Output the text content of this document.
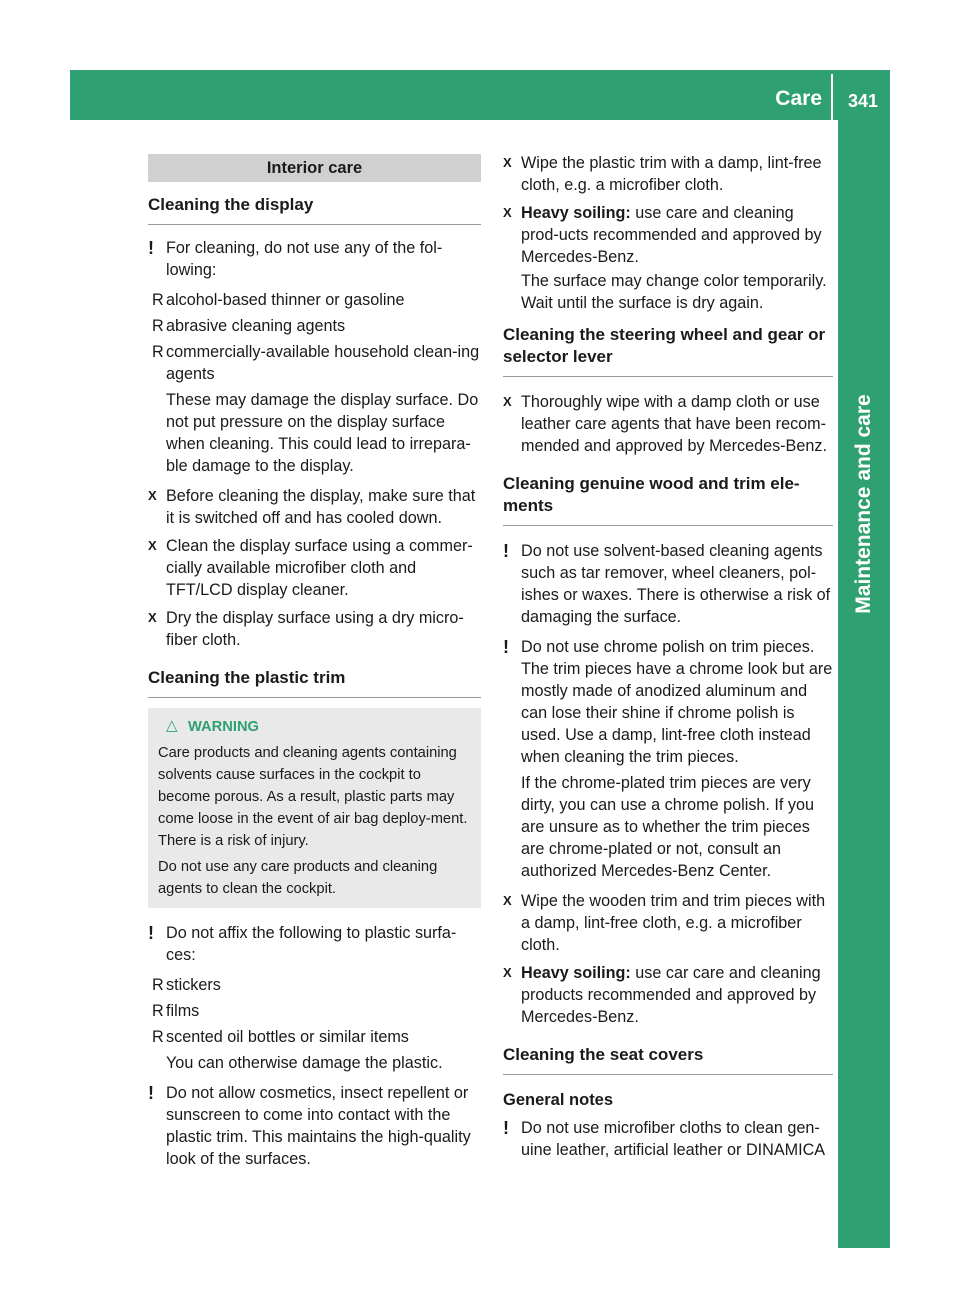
Care	341
Maintenance and care
Interior care
Cleaning the display
! For cleaning, do not use any of the fol-lowing:

R alcohol-based thinner or gasoline
R abrasive cleaning agents
R commercially-available household clean-ing agents

These may damage the display surface. Do not put pressure on the display surface when cleaning. This could lead to irrepara-ble damage to the display.

X Before cleaning the display, make sure that it is switched off and has cooled down.
X Clean the display surface using a commer-cially available microfiber cloth and TFT/LCD display cleaner.
X Dry the display surface using a dry micro-fiber cloth.
Cleaning the plastic trim
△ WARNING

Care products and cleaning agents containing solvents cause surfaces in the cockpit to become porous. As a result, plastic parts may come loose in the event of air bag deploy-ment. There is a risk of injury.

Do not use any care products and cleaning agents to clean the cockpit.

! Do not affix the following to plastic surfa-ces:

R stickers
R films
R scented oil bottles or similar items

You can otherwise damage the plastic.

! Do not allow cosmetics, insect repellent or sunscreen to come into contact with the plastic trim. This maintains the high-quality look of the surfaces.

X Wipe the plastic trim with a damp, lint-free cloth, e.g. a microfiber cloth.
X Heavy soiling: use care and cleaning prod-ucts recommended and approved by Mercedes-Benz.

The surface may change color temporarily. Wait until the surface is dry again.

Cleaning the steering wheel and gear or selector lever
X Thoroughly wipe with a damp cloth or use leather care agents that have been recom-mended and approved by Mercedes-Benz.
Cleaning genuine wood and trim ele-ments
! Do not use solvent-based cleaning agents such as tar remover, wheel cleaners, pol-ishes or waxes. There is otherwise a risk of damaging the surface.

! Do not use chrome polish on trim pieces. The trim pieces have a chrome look but are mostly made of anodized aluminum and can lose their shine if chrome polish is used. Use a damp, lint-free cloth instead when cleaning the trim pieces.

If the chrome-plated trim pieces are very dirty, you can use a chrome polish. If you are unsure as to whether the trim pieces are chrome-plated or not, consult an authorized Mercedes-Benz Center.

X Wipe the wooden trim and trim pieces with a damp, lint-free cloth, e.g. a microfiber cloth.
X Heavy soiling: use car care and cleaning products recommended and approved by Mercedes-Benz.
Cleaning the seat covers
General notes
! Do not use microfiber cloths to clean gen-uine leather, artificial leather or DINAMICA
